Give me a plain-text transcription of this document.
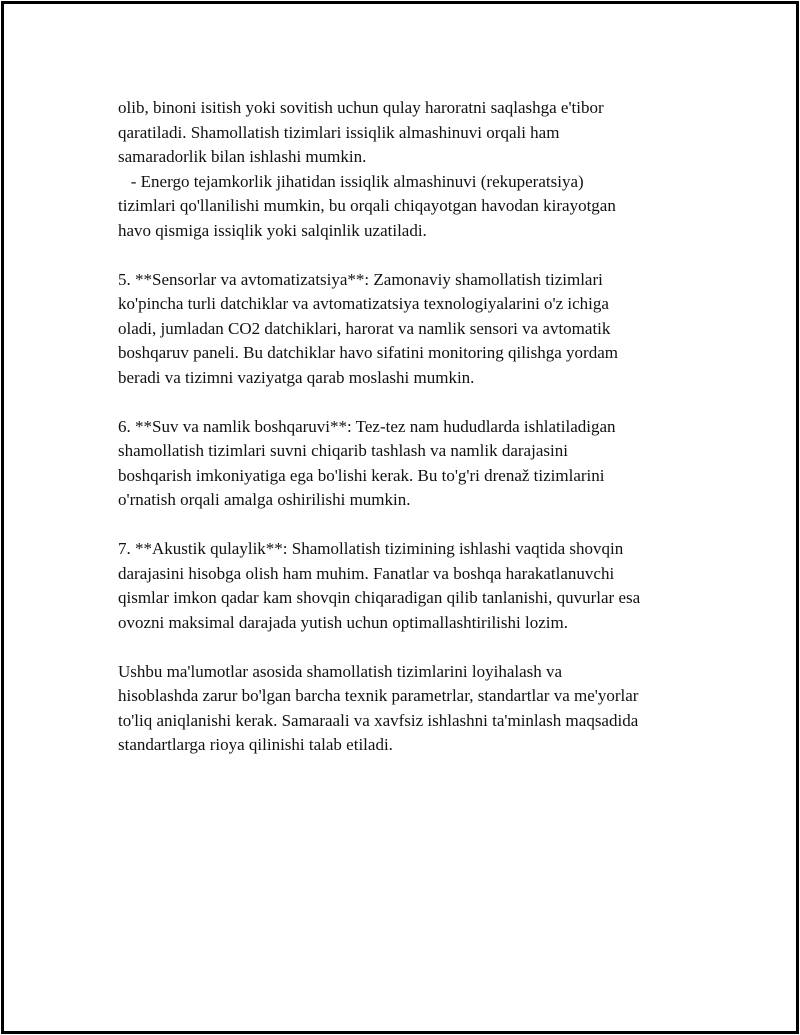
olib, binoni isitish yoki sovitish uchun qulay haroratni saqlashga e'tibor
qaratiladi. Shamollatish tizimlari issiqlik almashinuvi orqali ham
samaradorlik bilan ishlashi mumkin.
- Energo tejamkorlik jihatidan issiqlik almashinuvi (rekuperatsiya)
tizimlari qo'llanilishi mumkin, bu orqali chiqayotgan havodan kirayotgan
havo qismiga issiqlik yoki salqinlik uzatiladi.
5. **Sensorlar va avtomatizatsiya**: Zamonaviy shamollatish tizimlari
ko'pincha turli datchiklar va avtomatizatsiya texnologiyalarini o'z ichiga
oladi, jumladan CO2 datchiklari, harorat va namlik sensori va avtomatik
boshqaruv paneli. Bu datchiklar havo sifatini monitoring qilishga yordam
beradi va tizimni vaziyatga qarab moslashi mumkin.
6. **Suv va namlik boshqaruvi**: Tez-tez nam hududlarda ishlatiladigan
shamollatish tizimlari suvni chiqarib tashlash va namlik darajasini
boshqarish imkoniyatiga ega bo'lishi kerak. Bu to'g'ri drenaž tizimlarini
o'rnatish orqali amalga oshirilishi mumkin.
7. **Akustik qulaylik**: Shamollatish tizimining ishlashi vaqtida shovqin
darajasini hisobga olish ham muhim. Fanatlar va boshqa harakatlanuvchi
qismlar imkon qadar kam shovqin chiqaradigan qilib tanlanishi, quvurlar esa
ovozni maksimal darajada yutish uchun optimallashtirilishi lozim.
Ushbu ma'lumotlar asosida shamollatish tizimlarini loyihalash va
hisoblashda zarur bo'lgan barcha texnik parametrlar, standartlar va me'yorlar
to'liq aniqlanishi kerak. Samaraali va xavfsiz ishlashni ta'minlash maqsadida
standartlarga rioya qilinishi talab etiladi.
